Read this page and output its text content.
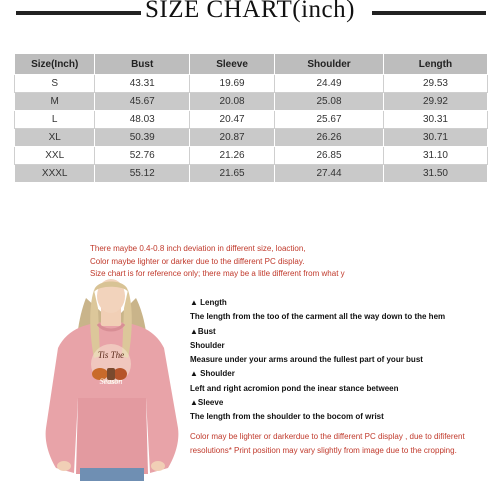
SIZE CHART(inch)
Size(Inch)	Bust	Sleeve	Shoulder	Length
S	43.31	19.69	24.49	29.53
M	45.67	20.08	25.08	29.92
L	48.03	20.47	25.67	30.31
XL	50.39	20.87	26.26	30.71
XXL	52.76	21.26	26.85	31.10
XXXL	55.12	21.65	27.44	31.50
There maybe 0.4-0.8 inch deviation in different size, loaction,
Color maybe lighter or darker due to the different PC display.
Size chart is for reference only; there may be a litle different from what y
Tis The
Season
▲ Length
The length from the too of the carment all the way down to the hem
▲Bust
Shoulder
Measure under your arms around the fullest part of your bust
▲ Shoulder
Left and right acromion pond the inear stance between
▲Sleeve
The length from the shoulder to the bocom of wrist
Color may be lighter or darkerdue to the different PC display , due to dififerent
resolutions* Print position may vary slightly from image due to the cropping.
